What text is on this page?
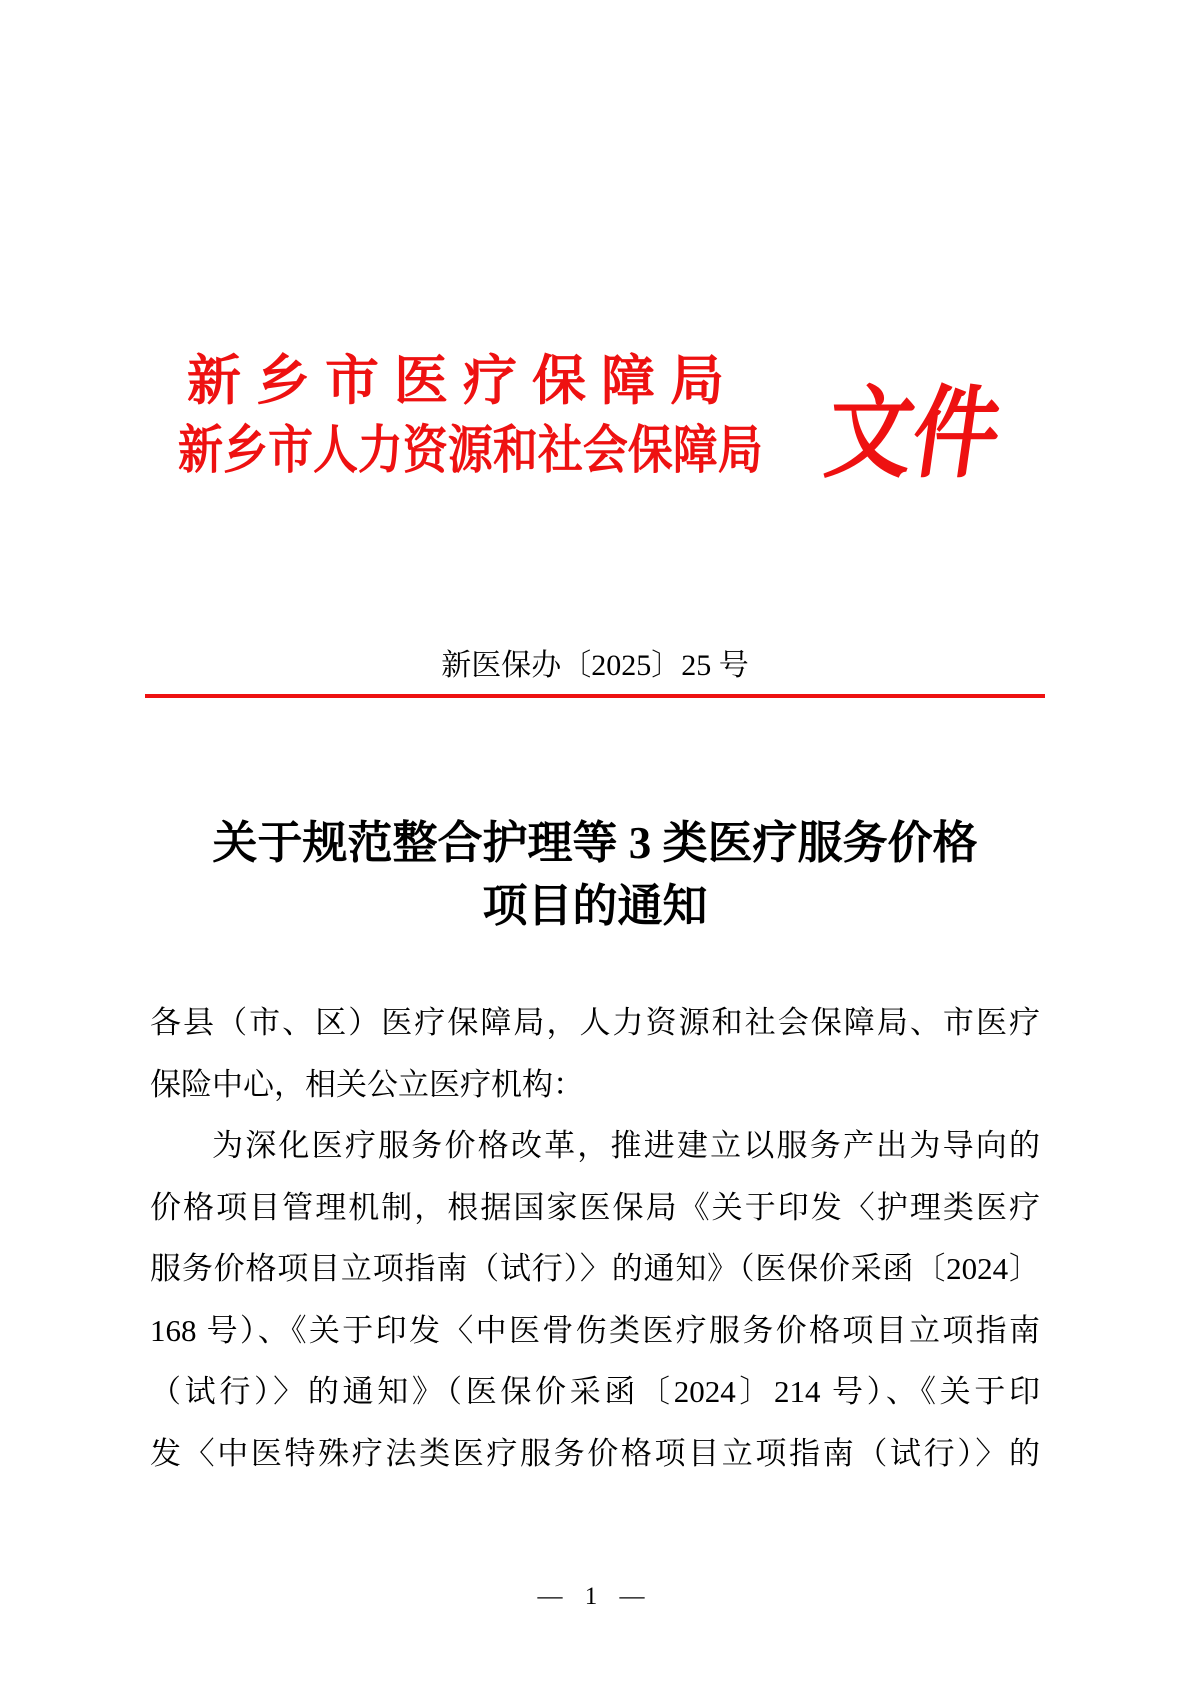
新乡市医疗保障局
新乡市人力资源和社会保障局 文件
新医保办〔2025〕25 号
关于规范整合护理等 3 类医疗服务价格
项目的通知
各县（市、区）医疗保障局，人力资源和社会保障局、市医疗
保险中心，相关公立医疗机构：
为深化医疗服务价格改革，推进建立以服务产出为导向的
价格项目管理机制，根据国家医保局《关于印发〈护理类医疗
服务价格项目立项指南（试行）〉的通知》（医保价采函〔2024〕
168 号）、《关于印发〈中医骨伤类医疗服务价格项目立项指南
（试行）〉的通知》（医保价采函〔2024〕214 号）、《关于印
发〈中医特殊疗法类医疗服务价格项目立项指南（试行）〉的
— 1 —
